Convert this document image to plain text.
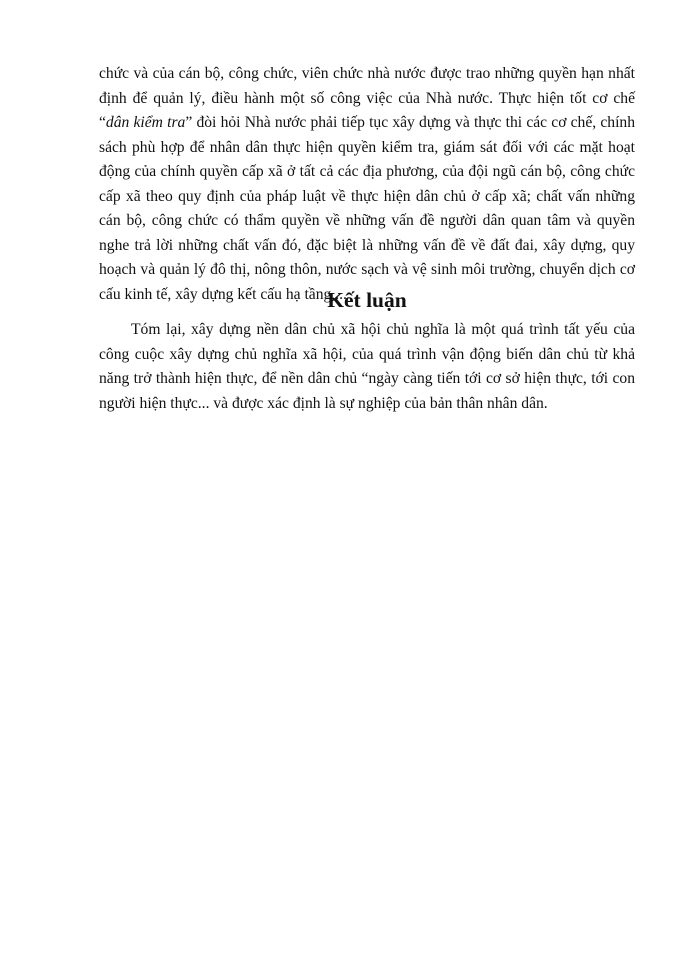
chức và của cán bộ, công chức, viên chức nhà nước được trao những quyền hạn nhất định để quản lý, điều hành một số công việc của Nhà nước. Thực hiện tốt cơ chế “dân kiểm tra” đòi hỏi Nhà nước phải tiếp tục xây dựng và thực thi các cơ chế, chính sách phù hợp để nhân dân thực hiện quyền kiểm tra, giám sát đối với các mặt hoạt động của chính quyền cấp xã ở tất cả các địa phương, của đội ngũ cán bộ, công chức cấp xã theo quy định của pháp luật về thực hiện dân chủ ở cấp xã; chất vấn những cán bộ, công chức có thẩm quyền về những vấn đề người dân quan tâm và quyền nghe trả lời những chất vấn đó, đặc biệt là những vấn đề về đất đai, xây dựng, quy hoạch và quản lý đô thị, nông thôn, nước sạch và vệ sinh môi trường, chuyển dịch cơ cấu kinh tế, xây dựng kết cấu hạ tầng,...

Kết luận

Tóm lại, xây dựng nền dân chủ xã hội chủ nghĩa là một quá trình tất yếu của công cuộc xây dựng chủ nghĩa xã hội, của quá trình vận động biến dân chủ từ khả năng trở thành hiện thực, để nền dân chủ “ngày càng tiến tới cơ sở hiện thực, tới con người hiện thực... và được xác định là sự nghiệp của bản thân nhân dân.
